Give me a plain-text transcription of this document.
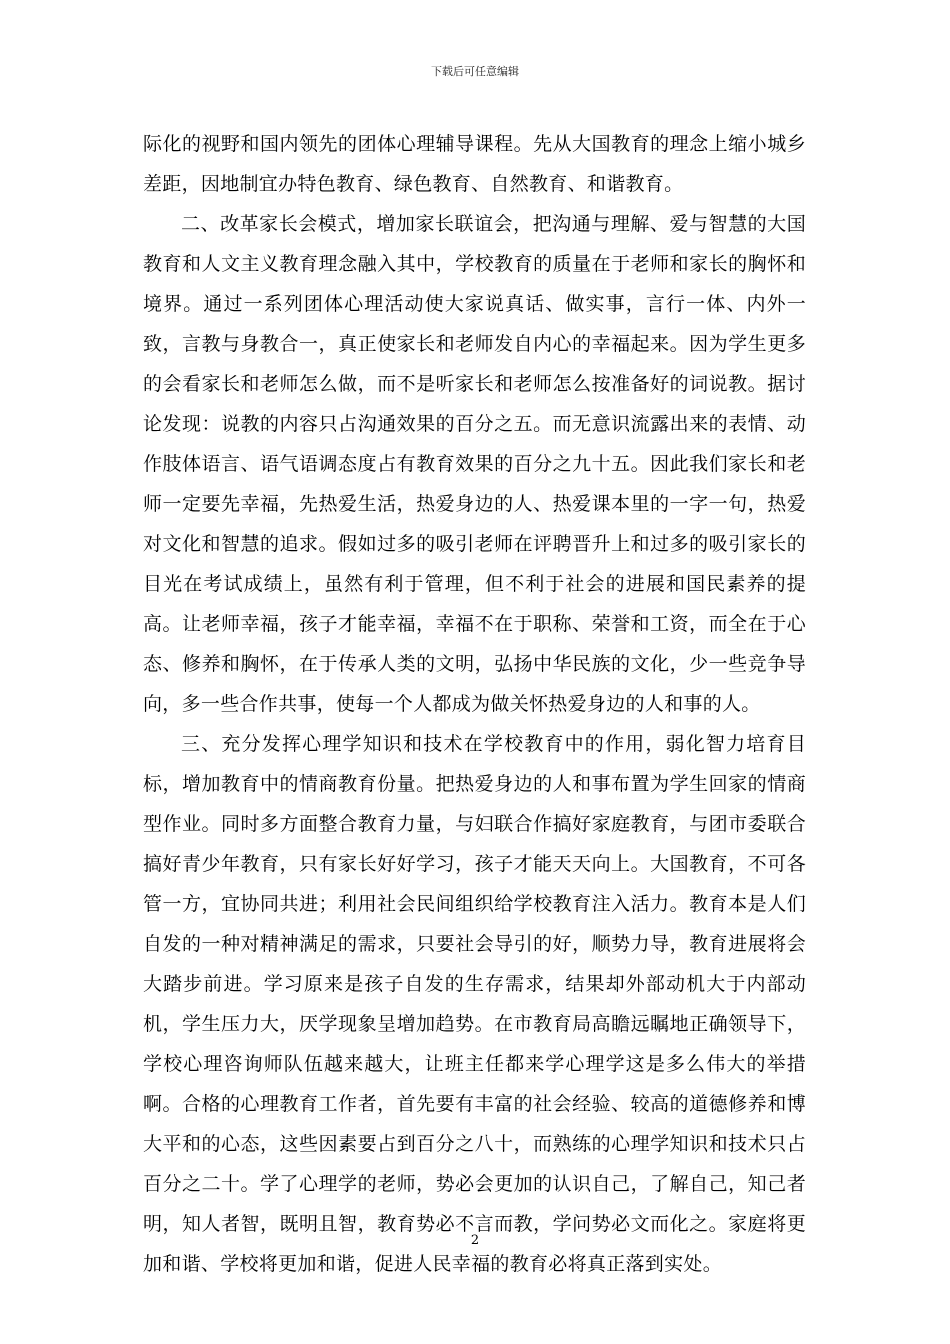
下载后可任意编辑

际化的视野和国内领先的团体心理辅导课程。先从大国教育的理念上缩小城乡差距，因地制宜办特色教育、绿色教育、自然教育、和谐教育。

二、改革家长会模式，增加家长联谊会，把沟通与理解、爱与智慧的大国教育和人文主义教育理念融入其中，学校教育的质量在于老师和家长的胸怀和境界。通过一系列团体心理活动使大家说真话、做实事，言行一体、内外一致，言教与身教合一，真正使家长和老师发自内心的幸福起来。因为学生更多的会看家长和老师怎么做，而不是听家长和老师怎么按准备好的词说教。据讨论发现：说教的内容只占沟通效果的百分之五。而无意识流露出来的表情、动作肢体语言、语气语调态度占有教育效果的百分之九十五。因此我们家长和老师一定要先幸福，先热爱生活，热爱身边的人、热爱课本里的一字一句，热爱对文化和智慧的追求。假如过多的吸引老师在评聘晋升上和过多的吸引家长的目光在考试成绩上，虽然有利于管理，但不利于社会的进展和国民素养的提高。让老师幸福，孩子才能幸福，幸福不在于职称、荣誉和工资，而全在于心态、修养和胸怀，在于传承人类的文明，弘扬中华民族的文化，少一些竞争导向，多一些合作共事，使每一个人都成为做关怀热爱身边的人和事的人。

三、充分发挥心理学知识和技术在学校教育中的作用，弱化智力培育目标，增加教育中的情商教育份量。把热爱身边的人和事布置为学生回家的情商型作业。同时多方面整合教育力量，与妇联合作搞好家庭教育，与团市委联合搞好青少年教育，只有家长好好学习，孩子才能天天向上。大国教育，不可各管一方，宜协同共进；利用社会民间组织给学校教育注入活力。教育本是人们自发的一种对精神满足的需求，只要社会导引的好，顺势力导，教育进展将会大踏步前进。学习原来是孩子自发的生存需求，结果却外部动机大于内部动机，学生压力大，厌学现象呈增加趋势。在市教育局高瞻远瞩地正确领导下，学校心理咨询师队伍越来越大，让班主任都来学心理学这是多么伟大的举措啊。合格的心理教育工作者，首先要有丰富的社会经验、较高的道德修养和博大平和的心态，这些因素要占到百分之八十，而熟练的心理学知识和技术只占百分之二十。学了心理学的老师，势必会更加的认识自己，了解自己，知己者明，知人者智，既明且智，教育势必不言而教，学问势必文而化之。家庭将更加和谐、学校将更加和谐，促进人民幸福的教育必将真正落到实处。

2
